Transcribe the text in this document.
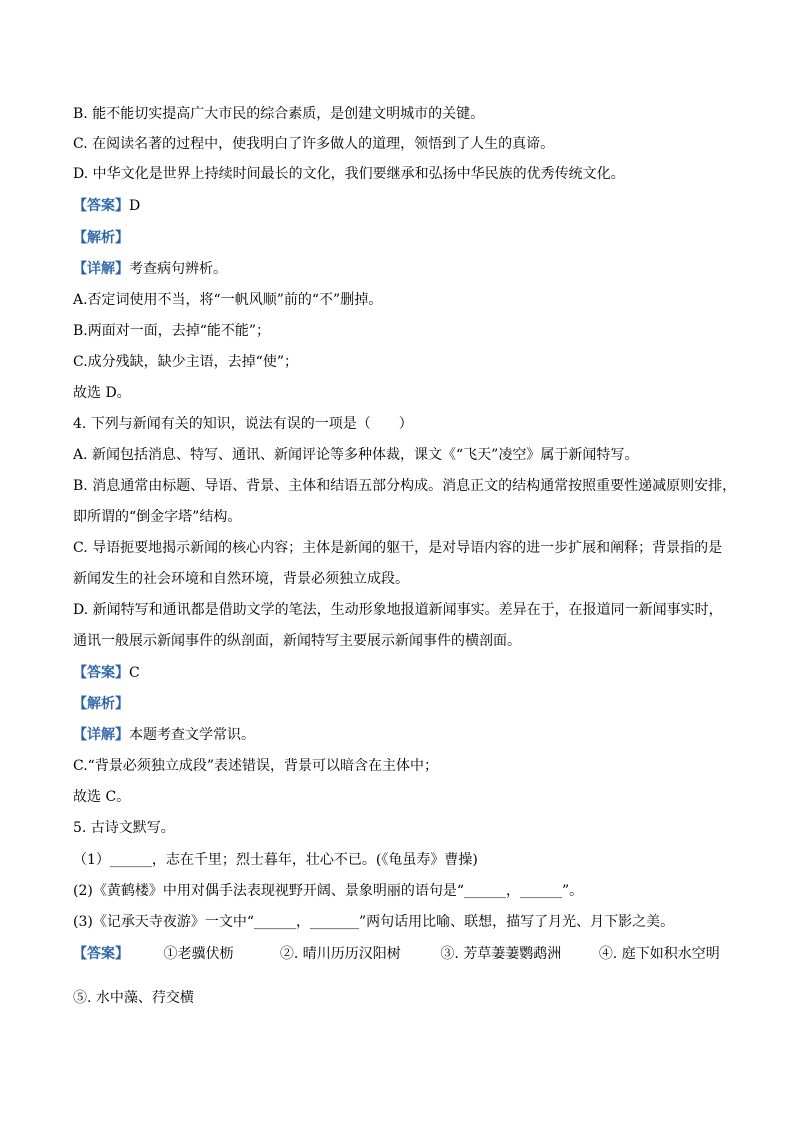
B. 能不能切实提高广大市民的综合素质，是创建文明城市的关键。
C. 在阅读名著的过程中，使我明白了许多做人的道理，领悟到了人生的真谛。
D. 中华文化是世界上持续时间最长的文化，我们要继承和弘扬中华民族的优秀传统文化。
【答案】D
【解析】
【详解】考查病句辨析。
A.否定词使用不当，将“一帆风顺”前的“不”删掉。
B.两面对一面，去掉“能不能”；
C.成分残缺，缺少主语，去掉“使”；
故选 D。
4. 下列与新闻有关的知识，说法有误的一项是（　　）
A. 新闻包括消息、特写、通讯、新闻评论等多种体裁，课文《“飞天”凌空》属于新闻特写。
B. 消息通常由标题、导语、背景、主体和结语五部分构成。消息正文的结构通常按照重要性递减原则安排，
即所谓的“倒金字塔”结构。
C. 导语扼要地揭示新闻的核心内容；主体是新闻的躯干，是对导语内容的进一步扩展和阐释；背景指的是
新闻发生的社会环境和自然环境，背景必须独立成段。
D. 新闻特写和通讯都是借助文学的笔法，生动形象地报道新闻事实。差异在于，在报道同一新闻事实时，
通讯一般展示新闻事件的纵剖面，新闻特写主要展示新闻事件的横剖面。
【答案】C
【解析】
【详解】本题考查文学常识。
C.“背景必须独立成段”表述错误，背景可以暗含在主体中；
故选 C。
5. 古诗文默写。
（1）______，志在千里；烈士暮年，壮心不已。(《龟虽寿》曹操)
(2)《黄鹤楼》中用对偶手法表现视野开阔、景象明丽的语句是“______，______”。
(3)《记承天寺夜游》一文中“______，_______”两句话用比喻、联想，描写了月光、月下影之美。
【答案】 ①老骥伏枥	②. 晴川历历汉阳树	③. 芳草萋萋鹦鹉洲	④. 庭下如积水空明
⑤. 水中藻、荇交横
